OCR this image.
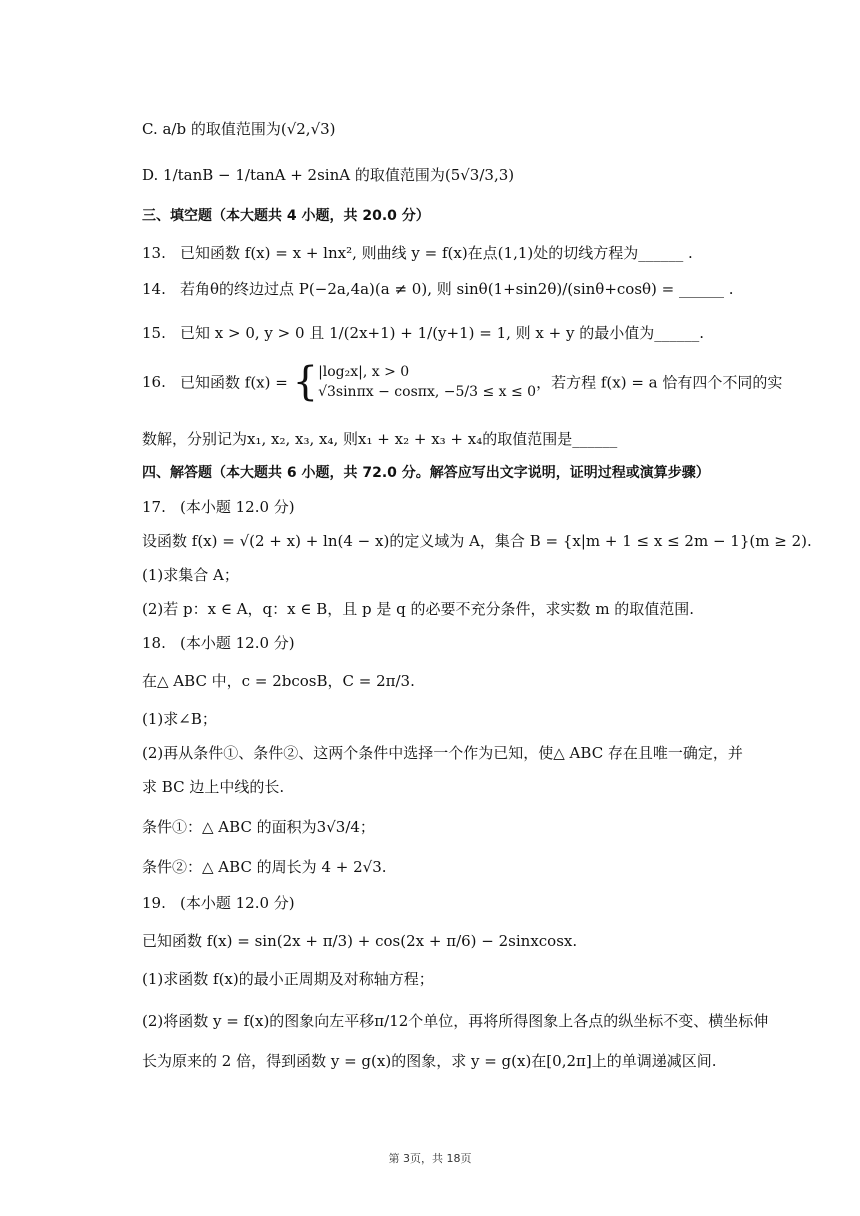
C. a/b 的取值范围为(√2,√3)
D. 1/tanB − 1/tanA + 2sinA 的取值范围为(5√3/3,3)
三、填空题（本大题共 4 小题，共 20.0 分）
13. 已知函数 f(x) = x + lnx², 则曲线 y = f(x)在点(1,1)处的切线方程为______ .
14. 若角θ的终边过点 P(−2a,4a)(a ≠ 0), 则 sinθ(1+sin2θ)/(sinθ+cosθ) = ______ .
15. 已知 x > 0, y > 0 且 1/(2x+1) + 1/(y+1) = 1, 则 x + y 的最小值为______.
16. 已知函数 f(x) = {|log₂x|, x > 0
√3sinπx − cosπx, −5/3 ≤ x ≤ 0，若方程 f(x) = a 恰有四个不同的实
数解，分别记为x₁, x₂, x₃, x₄, 则x₁ + x₂ + x₃ + x₄的取值范围是______
四、解答题（本大题共 6 小题，共 72.0 分。解答应写出文字说明，证明过程或演算步骤）
17. (本小题 12.0 分)
设函数 f(x) = √(2 + x) + ln(4 − x)的定义域为 A，集合 B = {x|m + 1 ≤ x ≤ 2m − 1}(m ≥ 2).
(1)求集合 A；
(2)若 p：x ∈ A，q：x ∈ B，且 p 是 q 的必要不充分条件，求实数 m 的取值范围.
18. (本小题 12.0 分)
在△ ABC 中，c = 2bcosB，C = 2π/3.
(1)求∠B；
(2)再从条件①、条件②、这两个条件中选择一个作为已知，使△ ABC 存在且唯一确定，并
求 BC 边上中线的长.
条件①：△ ABC 的面积为3√3/4；
条件②：△ ABC 的周长为 4 + 2√3.
19. (本小题 12.0 分)
已知函数 f(x) = sin(2x + π/3) + cos(2x + π/6) − 2sinxcosx.
(1)求函数 f(x)的最小正周期及对称轴方程；
(2)将函数 y = f(x)的图象向左平移π/12个单位，再将所得图象上各点的纵坐标不变、横坐标伸
长为原来的 2 倍，得到函数 y = g(x)的图象，求 y = g(x)在[0,2π]上的单调递减区间.
第 3页，共 18页
